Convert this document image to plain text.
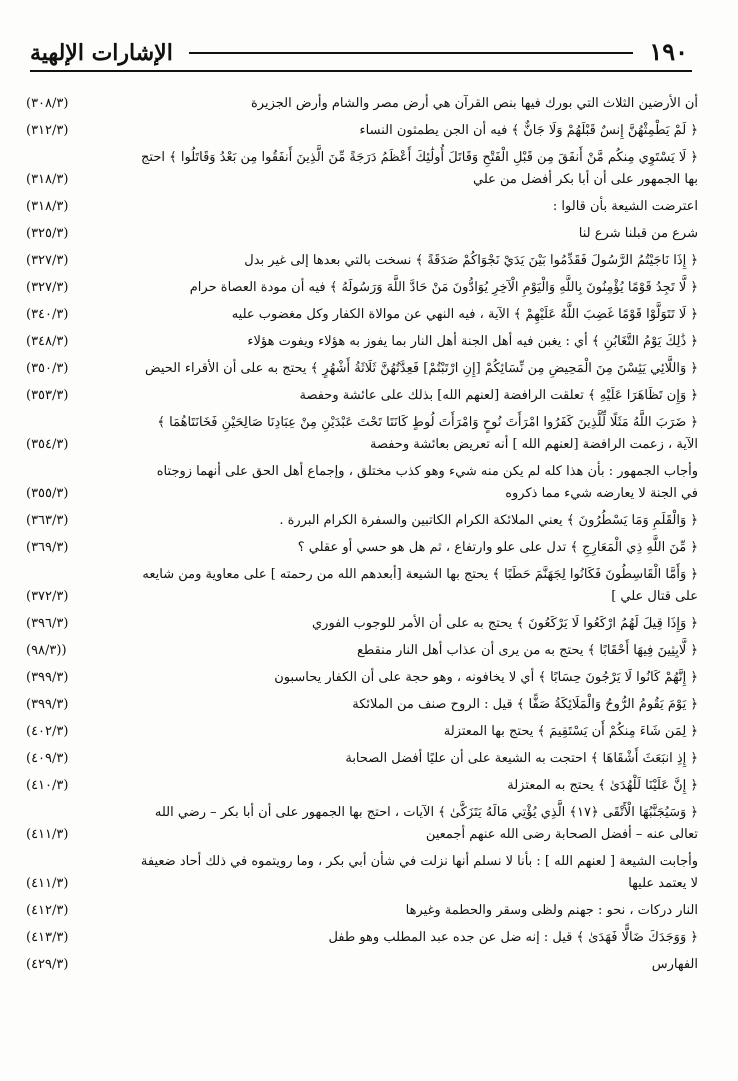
١٩٠
الإشارات الإلهية
أن الأرضين الثلاث التي بورك فيها بنص القرآن هي أرض مصر والشام وأرض الجزيرة
(٣٠٨/٣)
﴿ لَمْ يَطْمِثْهُنَّ إِنسٌ قَبْلَهُمْ وَلَا جَانٌّ ﴾ فيه أن الجن يطمثون النساء
(٣١٢/٣)
﴿ لَا يَسْتَوِي مِنكُم مَّنْ أَنفَقَ مِن قَبْلِ الْفَتْحِ وَقَاتَلَ أُولَٰئِكَ أَعْظَمُ دَرَجَةً مِّنَ الَّذِينَ أَنفَقُوا مِن بَعْدُ وَقَاتَلُوا ﴾ احتج بها الجمهور على أن أبا بكر أفضل من علي
(٣١٨/٣)
اعترضت الشيعة بأن قالوا :
(٣١٨/٣)
شرع من قبلنا شرع لنا
(٣٢٥/٣)
﴿ إِذَا نَاجَيْتُمُ الرَّسُولَ فَقَدِّمُوا بَيْنَ يَدَيْ نَجْوَاكُمْ صَدَقَةً ﴾ نسخت بالتي بعدها إلى غير بدل
(٣٢٧/٣)
﴿ لَّا تَجِدُ قَوْمًا يُؤْمِنُونَ بِاللَّهِ وَالْيَوْمِ الْآخِرِ يُوَادُّونَ مَنْ حَادَّ اللَّهَ وَرَسُولَهُ ﴾ فيه أن مودة العصاة حرام
(٣٢٧/٣)
﴿ لَا تَتَوَلَّوْا قَوْمًا غَضِبَ اللَّهُ عَلَيْهِمْ ﴾ الآية ، فيه النهي عن موالاة الكفار وكل مغضوب عليه
(٣٤٠/٣)
﴿ ذَٰلِكَ يَوْمُ التَّغَابُنِ ﴾ أي : يغبن فيه أهل الجنة أهل النار بما يفوز به هؤلاء ويفوت هؤلاء
(٣٤٨/٣)
﴿ وَاللَّائِي يَئِسْنَ مِنَ الْمَحِيضِ مِن نِّسَائِكُمْ [إِنِ ارْتَبْتُمْ] فَعِدَّتُهُنَّ ثَلَاثَةُ أَشْهُرٍ ﴾ يحتج به على أن الأقراء الحيض
(٣٥٠/٣)
﴿ وَإِن تَظَاهَرَا عَلَيْهِ ﴾ تعلقت الرافضة [لعنهم الله] بذلك على عائشة وحفصة
(٣٥٣/٣)
﴿ ضَرَبَ اللَّهُ مَثَلًا لِّلَّذِينَ كَفَرُوا امْرَأَتَ نُوحٍ وَامْرَأَتَ لُوطٍ كَانَتَا تَحْتَ عَبْدَيْنِ مِنْ عِبَادِنَا صَالِحَيْنِ فَخَانَتَاهُمَا ﴾ الآية ، زعمت الرافضة [لعنهم الله ] أنه تعريض بعائشة وحفصة
(٣٥٤/٣)
وأجاب الجمهور : بأن هذا كله لم يكن منه شيء وهو كذب مختلق ، وإجماع أهل الحق على أنهما زوجتاه في الجنة لا يعارضه شيء مما ذكروه
(٣٥٥/٣)
﴿ وَالْقَلَمِ وَمَا يَسْطُرُونَ ﴾ يعني الملائكة الكرام الكاتبين والسفرة الكرام البررة .
(٣٦٣/٣)
﴿ مِّنَ اللَّهِ ذِي الْمَعَارِجِ ﴾ تدل على علو وارتفاع ، ثم هل هو حسي أو عقلي ؟
(٣٦٩/٣)
﴿ وَأَمَّا الْقَاسِطُونَ فَكَانُوا لِجَهَنَّمَ حَطَبًا ﴾ يحتج بها الشيعة [أبعدهم الله من رحمته ] على معاوية ومن شايعه على قتال علي ]
(٣٧٢/٣)
﴿ وَإِذَا قِيلَ لَهُمُ ارْكَعُوا لَا يَرْكَعُونَ ﴾ يحتج به على أن الأمر للوجوب الفوري
(٣٩٦/٣)
﴿ لَّابِثِينَ فِيهَا أَحْقَابًا ﴾ يحتج به من يرى أن عذاب أهل النار منقطع
(٩٨/٣))
﴿ إِنَّهُمْ كَانُوا لَا يَرْجُونَ حِسَابًا ﴾ أي لا يخافونه ، وهو حجة على أن الكفار يحاسبون
(٣٩٩/٣)
﴿ يَوْمَ يَقُومُ الرُّوحُ وَالْمَلَائِكَةُ صَفًّا ﴾ قيل : الروح صنف من الملائكة
(٣٩٩/٣)
﴿ لِمَن شَاءَ مِنكُمْ أَن يَسْتَقِيمَ ﴾ يحتج بها المعتزلة
(٤٠٢/٣)
﴿ إِذِ انبَعَثَ أَشْقَاهَا ﴾ احتجت به الشيعة على أن عليًا أفضل الصحابة
(٤٠٩/٣)
﴿ إِنَّ عَلَيْنَا لَلْهُدَىٰ ﴾ يحتج به المعتزلة
(٤١٠/٣)
﴿ وَسَيُجَنَّبُهَا الْأَتْقَى ﴿١٧﴾ الَّذِي يُؤْتِي مَالَهُ يَتَزَكَّىٰ ﴾ الآيات ، احتج بها الجمهور على أن أبا بكر – رضي الله تعالى عنه – أفضل الصحابة رضى الله عنهم أجمعين
(٤١١/٣)
وأجابت الشيعة [ لعنهم الله ] : بأنا لا نسلم أنها نزلت في شأن أبي بكر ، وما رويتموه في ذلك أحاد ضعيفة لا يعتمد عليها
(٤١١/٣)
النار دركات ، نحو : جهنم ولظى وسقر والحطمة وغيرها
(٤١٢/٣)
﴿ وَوَجَدَكَ ضَالًّا فَهَدَىٰ ﴾ قيل : إنه ضل عن جده عبد المطلب وهو طفل
(٤١٣/٣)
الفهارس
(٤٢٩/٣)
